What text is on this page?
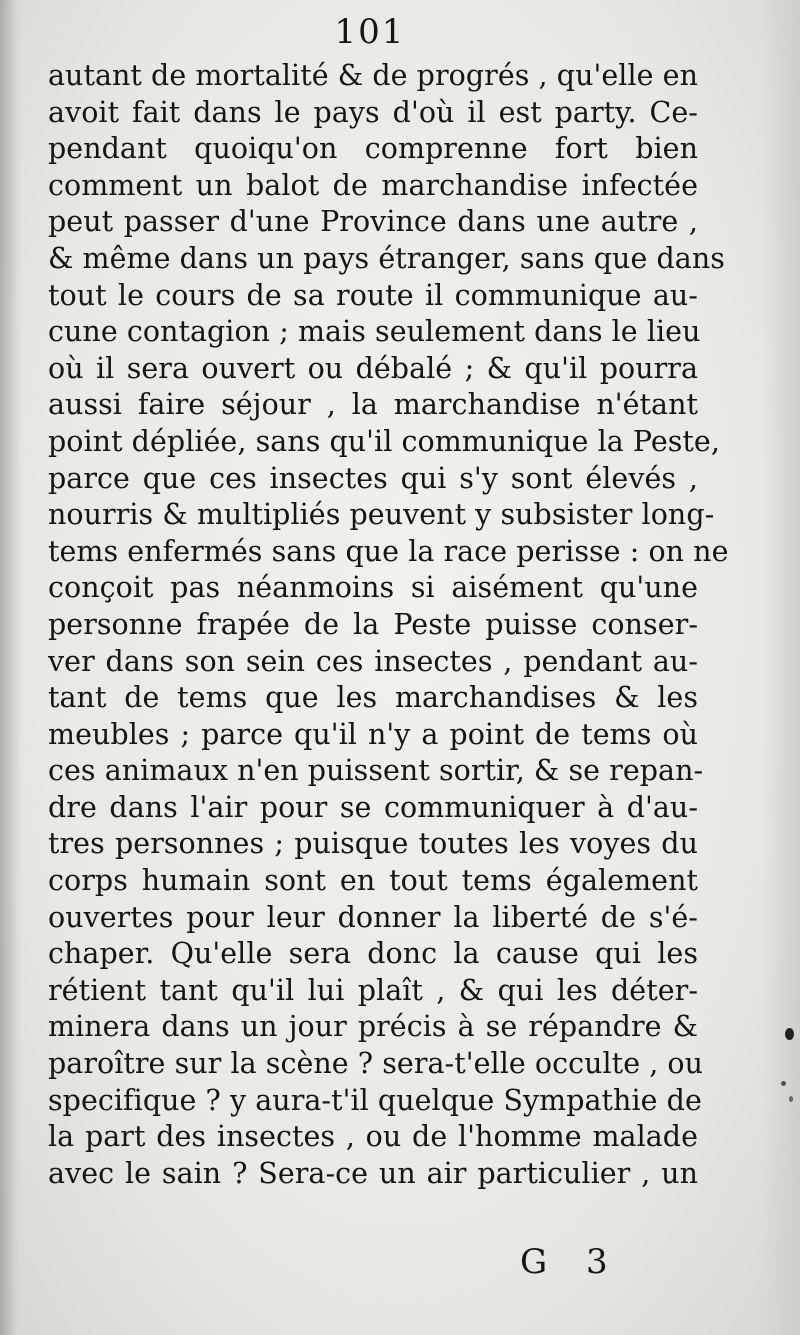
101
autant de mortalité & de progrés , qu'elle en
avoit fait dans le pays d'où il est party. Ce-
pendant quoiqu'on comprenne fort bien
comment un balot de marchandise infectée
peut passer d'une Province dans une autre ,
& même dans un pays étranger, sans que dans
tout le cours de sa route il communique au-
cune contagion ; mais seulement dans le lieu
où il sera ouvert ou débalé ; & qu'il pourra
aussi faire séjour , la marchandise n'étant
point dépliée, sans qu'il communique la Peste,
parce que ces insectes qui s'y sont élevés ,
nourris & multipliés peuvent y subsister long-
tems enfermés sans que la race perisse : on ne
conçoit pas néanmoins si aisément qu'une
personne frapée de la Peste puisse conser-
ver dans son sein ces insectes , pendant au-
tant de tems que les marchandises & les
meubles ; parce qu'il n'y a point de tems où
ces animaux n'en puissent sortir, & se repan-
dre dans l'air pour se communiquer à d'au-
tres personnes ; puisque toutes les voyes du
corps humain sont en tout tems également
ouvertes pour leur donner la liberté de s'é-
chaper. Qu'elle sera donc la cause qui les
rétient tant qu'il lui plaît , & qui les déter-
minera dans un jour précis à se répandre &
paroître sur la scène ? sera-t'elle occulte , ou
specifique ? y aura-t'il quelque Sympathie de
la part des insectes , ou de l'homme malade
avec le sain ? Sera-ce un air particulier , un
G 3
